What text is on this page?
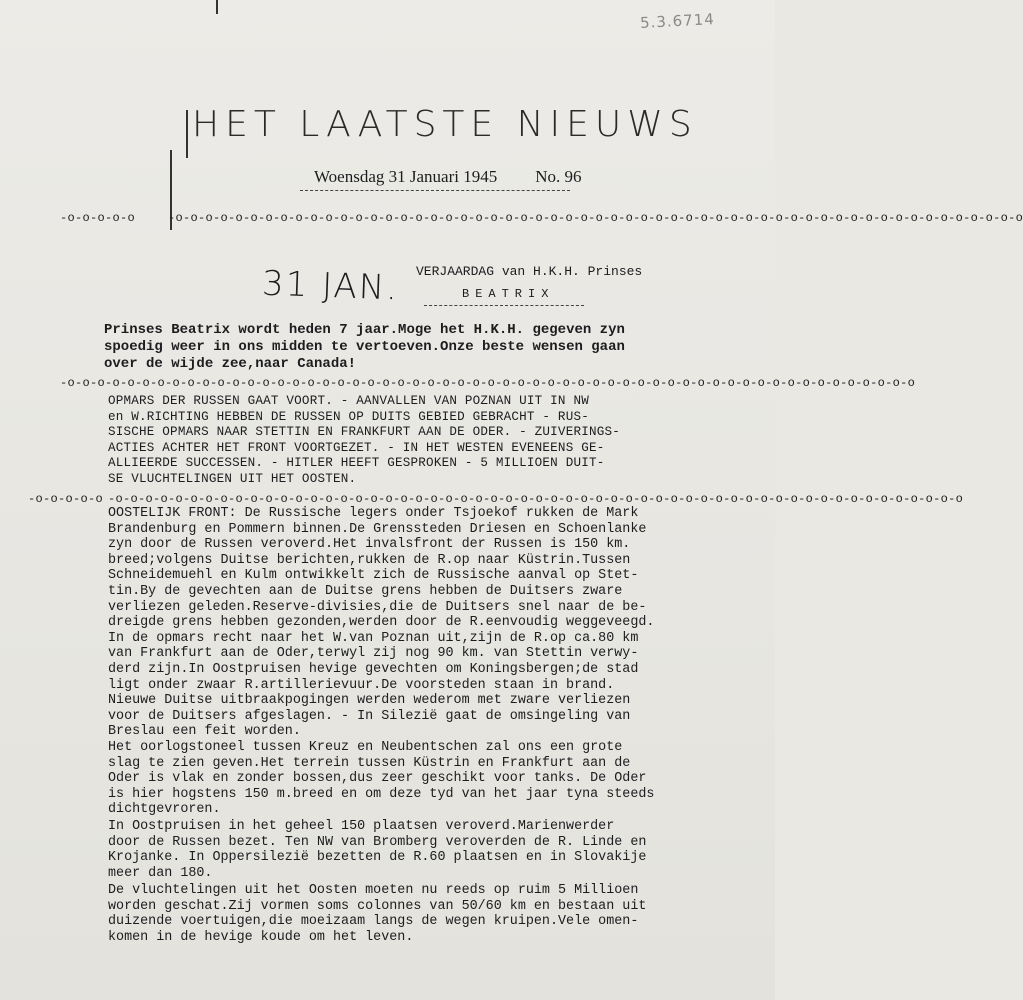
5.3.6714
HET LAATSTE NIEUWS
Woensdag 31 Januari 1945 No. 96
-o-o-o-o-o	-o-o-o-o-o-o-o-o-o-o-o-o-o-o-o-o-o-o-o-o-o-o-o-o-o-o-o-o-o-o-o-o-o-o-o-o-o-o-o-o-o-o-o-o-o-o-o-o-o-o-o-o-o-o-o-o-o
31 JAN. VERJAARDAG van H.K.H. Prinses
BEATRIX
Prinses Beatrix wordt heden 7 jaar.Moge het H.K.H. gegeven zyn
spoedig weer in ons midden te vertoeven.Onze beste wensen gaan
over de wijde zee,naar Canada!
-o-o-o-o-o-o-o-o-o-o-o-o-o-o-o-o-o-o-o-o-o-o-o-o-o-o-o-o-o-o-o-o-o-o-o-o-o-o-o-o-o-o-o-o-o-o-o-o-o-o-o-o-o-o-o-o-o
OPMARS DER RUSSEN GAAT VOORT. - AANVALLEN VAN POZNAN UIT IN NW
en W.RICHTING HEBBEN DE RUSSEN OP DUITS GEBIED GEBRACHT - RUS-
SISCHE OPMARS NAAR STETTIN EN FRANKFURT AAN DE ODER. - ZUIVERINGS-
ACTIES ACHTER HET FRONT VOORTGEZET. - IN HET WESTEN EVENEENS GE-
ALLIEERDE SUCCESSEN. - HITLER HEEFT GESPROKEN - 5 MILLIOEN DUIT-
SE VLUCHTELINGEN UIT HET OOSTEN.
-o-o-o-o-o -o-o-o-o-o-o-o-o-o-o-o-o-o-o-o-o-o-o-o-o-o-o-o-o-o-o-o-o-o-o-o-o-o-o-o-o-o-o-o-o-o-o-o-o-o-o-o-o-o-o-o-o-o-o-o-o-o
OOSTELIJK FRONT: De Russische legers onder Tsjoekof rukken de Mark
Brandenburg en Pommern binnen.De Grenssteden Driesen en Schoenlanke
zyn door de Russen veroverd.Het invalsfront der Russen is 150 km.
breed;volgens Duitse berichten,rukken de R.op naar Küstrin.Tussen
Schneidemuehl en Kulm ontwikkelt zich de Russische aanval op Stet-
tin.By de gevechten aan de Duitse grens hebben de Duitsers zware
verliezen geleden.Reserve-divisies,die de Duitsers snel naar de be-
dreigde grens hebben gezonden,werden door de R.eenvoudig weggeveegd.
In de opmars recht naar het W.van Poznan uit,zijn de R.op ca.80 km
van Frankfurt aan de Oder,terwyl zij nog 90 km. van Stettin verwy-
derd zijn.In Oostpruisen hevige gevechten om Koningsbergen;de stad
ligt onder zwaar R.artillerievuur.De voorsteden staan in brand.
Nieuwe Duitse uitbraakpogingen werden wederom met zware verliezen
voor de Duitsers afgeslagen. - In Silezië gaat de omsingeling van
Breslau een feit worden.
Het oorlogstoneel tussen Kreuz en Neubentschen zal ons een grote
slag te zien geven.Het terrein tussen Küstrin en Frankfurt aan de
Oder is vlak en zonder bossen,dus zeer geschikt voor tanks. De Oder
is hier hogstens 150 m.breed en om deze tyd van het jaar tyna steeds
dichtgevroren.
In Oostpruisen in het geheel 150 plaatsen veroverd.Marienwerder
door de Russen bezet. Ten NW van Bromberg veroverden de R. Linde en
Krojanke. In Oppersilezië bezetten de R.60 plaatsen en in Slovakije
meer dan 180.
De vluchtelingen uit het Oosten moeten nu reeds op ruim 5 Millioen
worden geschat.Zij vormen soms colonnes van 50/60 km en bestaan uit
duizende voertuigen,die moeizaam langs de wegen kruipen.Vele omen-
komen in de hevige koude om het leven.
